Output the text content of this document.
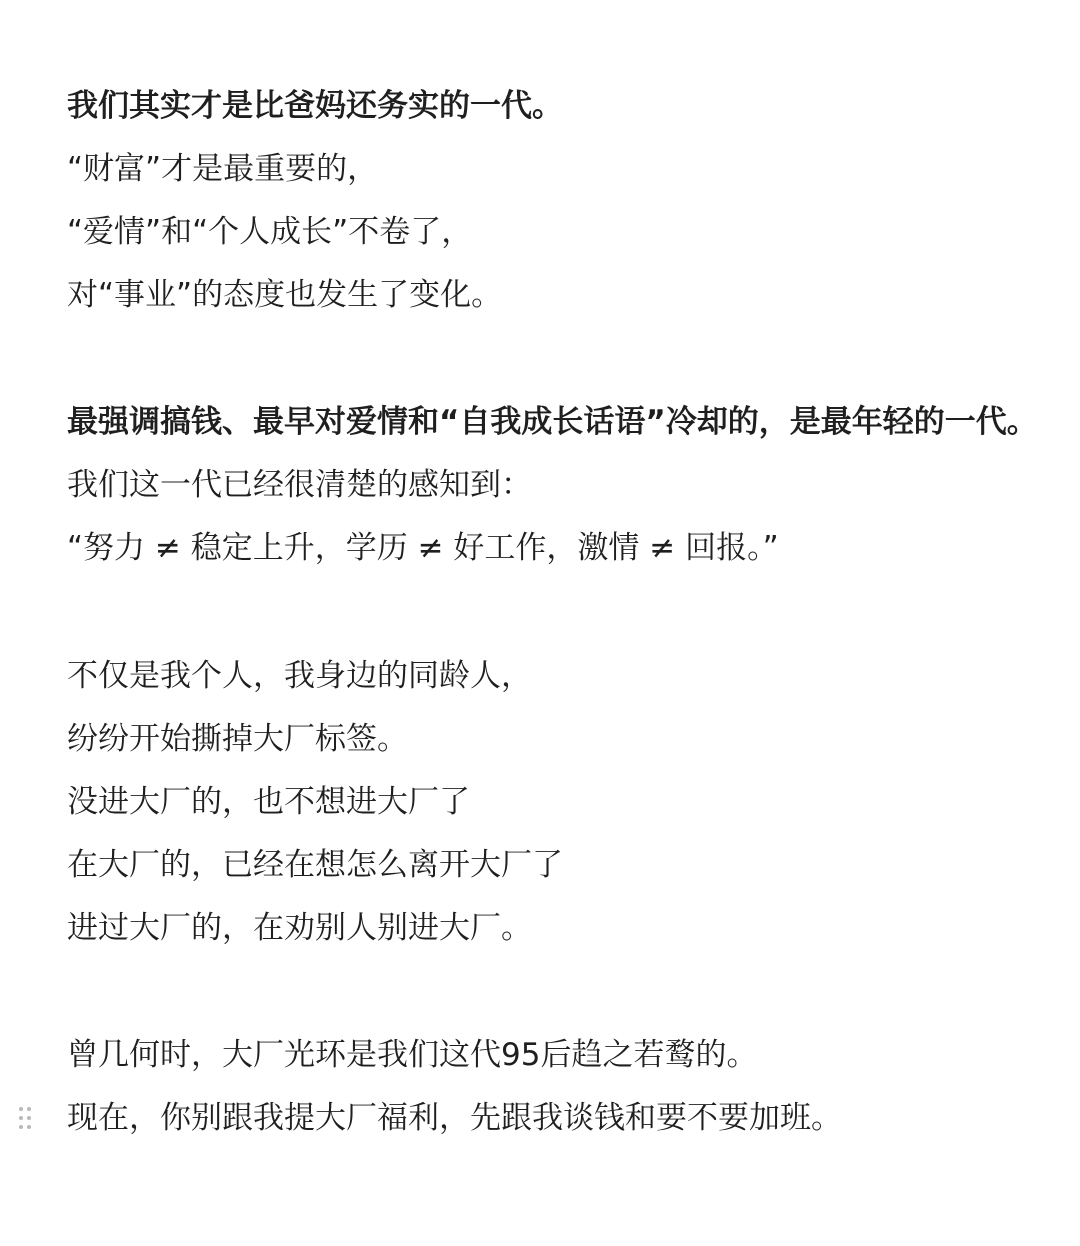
我们其实才是比爸妈还务实的一代。
“财富”才是最重要的，
“爱情”和“个人成长”不卷了，
对“事业”的态度也发生了变化。
最强调搞钱、最早对爱情和“自我成长话语”冷却的，是最年轻的一代。
我们这一代已经很清楚的感知到：
“努力 ≠ 稳定上升，学历 ≠ 好工作，激情 ≠ 回报。”
不仅是我个人，我身边的同龄人，
纷纷开始撕掉大厂标签。
没进大厂的，也不想进大厂了
在大厂的，已经在想怎么离开大厂了
进过大厂的，在劝别人别进大厂。
曾几何时，大厂光环是我们这代95后趋之若鹜的。
现在，你别跟我提大厂福利，先跟我谈钱和要不要加班。
